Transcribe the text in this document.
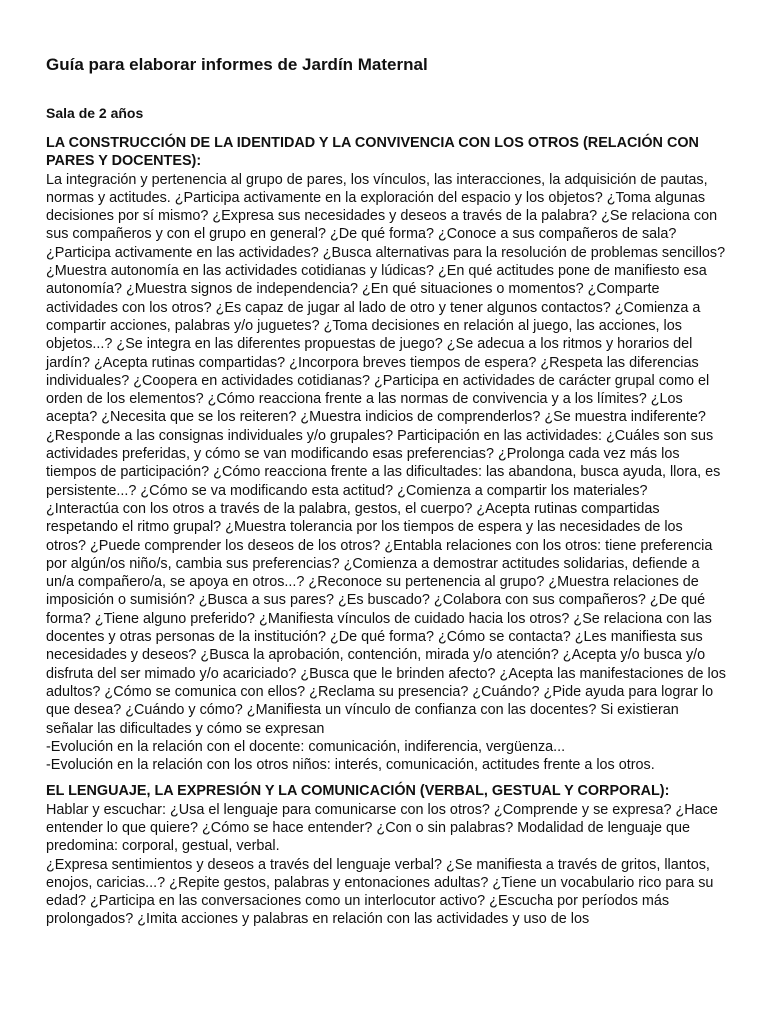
Guía para elaborar informes de Jardín Maternal
Sala de 2 años
LA CONSTRUCCIÓN DE LA IDENTIDAD Y LA CONVIVENCIA CON LOS OTROS (RELACIÓN CON PARES Y DOCENTES):

La integración y pertenencia al grupo de pares, los vínculos, las interacciones, la adquisición de pautas, normas y actitudes. ¿Participa activamente en la exploración del espacio y los objetos? ¿Toma algunas decisiones por sí mismo? ¿Expresa sus necesidades y deseos a través de la palabra? ¿Se relaciona con sus compañeros y con el grupo en general? ¿De qué forma? ¿Conoce a sus compañeros de sala?

¿Participa activamente en las actividades? ¿Busca alternativas para la resolución de problemas sencillos? ¿Muestra autonomía en las actividades cotidianas y lúdicas? ¿En qué actitudes pone de manifiesto esa autonomía? ¿Muestra signos de independencia? ¿En qué situaciones o momentos? ¿Comparte actividades con los otros? ¿Es capaz de jugar al lado de otro y tener algunos contactos? ¿Comienza a compartir acciones, palabras y/o juguetes? ¿Toma decisiones en relación al juego, las acciones, los objetos...? ¿Se integra en las diferentes propuestas de juego? ¿Se adecua a los ritmos y horarios del jardín? ¿Acepta rutinas compartidas? ¿Incorpora breves tiempos de espera? ¿Respeta las diferencias individuales? ¿Coopera en actividades cotidianas? ¿Participa en actividades de carácter grupal como el orden de los elementos? ¿Cómo reacciona frente a las normas de convivencia y a los límites? ¿Los acepta? ¿Necesita que se los reiteren? ¿Muestra indicios de comprenderlos? ¿Se muestra indiferente? ¿Responde a las consignas individuales y/o grupales? Participación en las actividades: ¿Cuáles son sus actividades preferidas, y cómo se van modificando esas preferencias? ¿Prolonga cada vez más los tiempos de participación? ¿Cómo reacciona frente a las dificultades: las abandona, busca ayuda, llora, es persistente...? ¿Cómo se va modificando esta actitud? ¿Comienza a compartir los materiales?

¿Interactúa con los otros a través de la palabra, gestos, el cuerpo? ¿Acepta rutinas compartidas respetando el ritmo grupal? ¿Muestra tolerancia por los tiempos de espera y las necesidades de los otros? ¿Puede comprender los deseos de los otros? ¿Entabla relaciones con los otros: tiene preferencia por algún/os niño/s, cambia sus preferencias? ¿Comienza a demostrar actitudes solidarias, defiende a un/a compañero/a, se apoya en otros...? ¿Reconoce su pertenencia al grupo? ¿Muestra relaciones de imposición o sumisión? ¿Busca a sus pares? ¿Es buscado? ¿Colabora con sus compañeros? ¿De qué forma? ¿Tiene alguno preferido? ¿Manifiesta vínculos de cuidado hacia los otros? ¿Se relaciona con las docentes y otras personas de la institución? ¿De qué forma? ¿Cómo se contacta? ¿Les manifiesta sus necesidades y deseos? ¿Busca la aprobación, contención, mirada y/o atención? ¿Acepta y/o busca y/o disfruta del ser mimado y/o acariciado? ¿Busca que le brinden afecto? ¿Acepta las manifestaciones de los adultos? ¿Cómo se comunica con ellos? ¿Reclama su presencia? ¿Cuándo? ¿Pide ayuda para lograr lo que desea? ¿Cuándo y cómo? ¿Manifiesta un vínculo de confianza con las docentes? Si existieran señalar las dificultades y cómo se expresan

-Evolución en la relación con el docente: comunicación, indiferencia, vergüenza...

-Evolución en la relación con los otros niños: interés, comunicación, actitudes frente a los otros.

EL LENGUAJE, LA EXPRESIÓN Y LA COMUNICACIÓN (VERBAL, GESTUAL Y CORPORAL):

Hablar y escuchar: ¿Usa el lenguaje para comunicarse con los otros? ¿Comprende y se expresa? ¿Hace entender lo que quiere? ¿Cómo se hace entender? ¿Con o sin palabras? Modalidad de lenguaje que predomina: corporal, gestual, verbal.

¿Expresa sentimientos y deseos a través del lenguaje verbal? ¿Se manifiesta a través de gritos, llantos, enojos, caricias...? ¿Repite gestos, palabras y entonaciones adultas? ¿Tiene un vocabulario rico para su edad? ¿Participa en las conversaciones como un interlocutor activo? ¿Escucha por períodos más prolongados? ¿Imita acciones y palabras en relación con las actividades y uso de los
